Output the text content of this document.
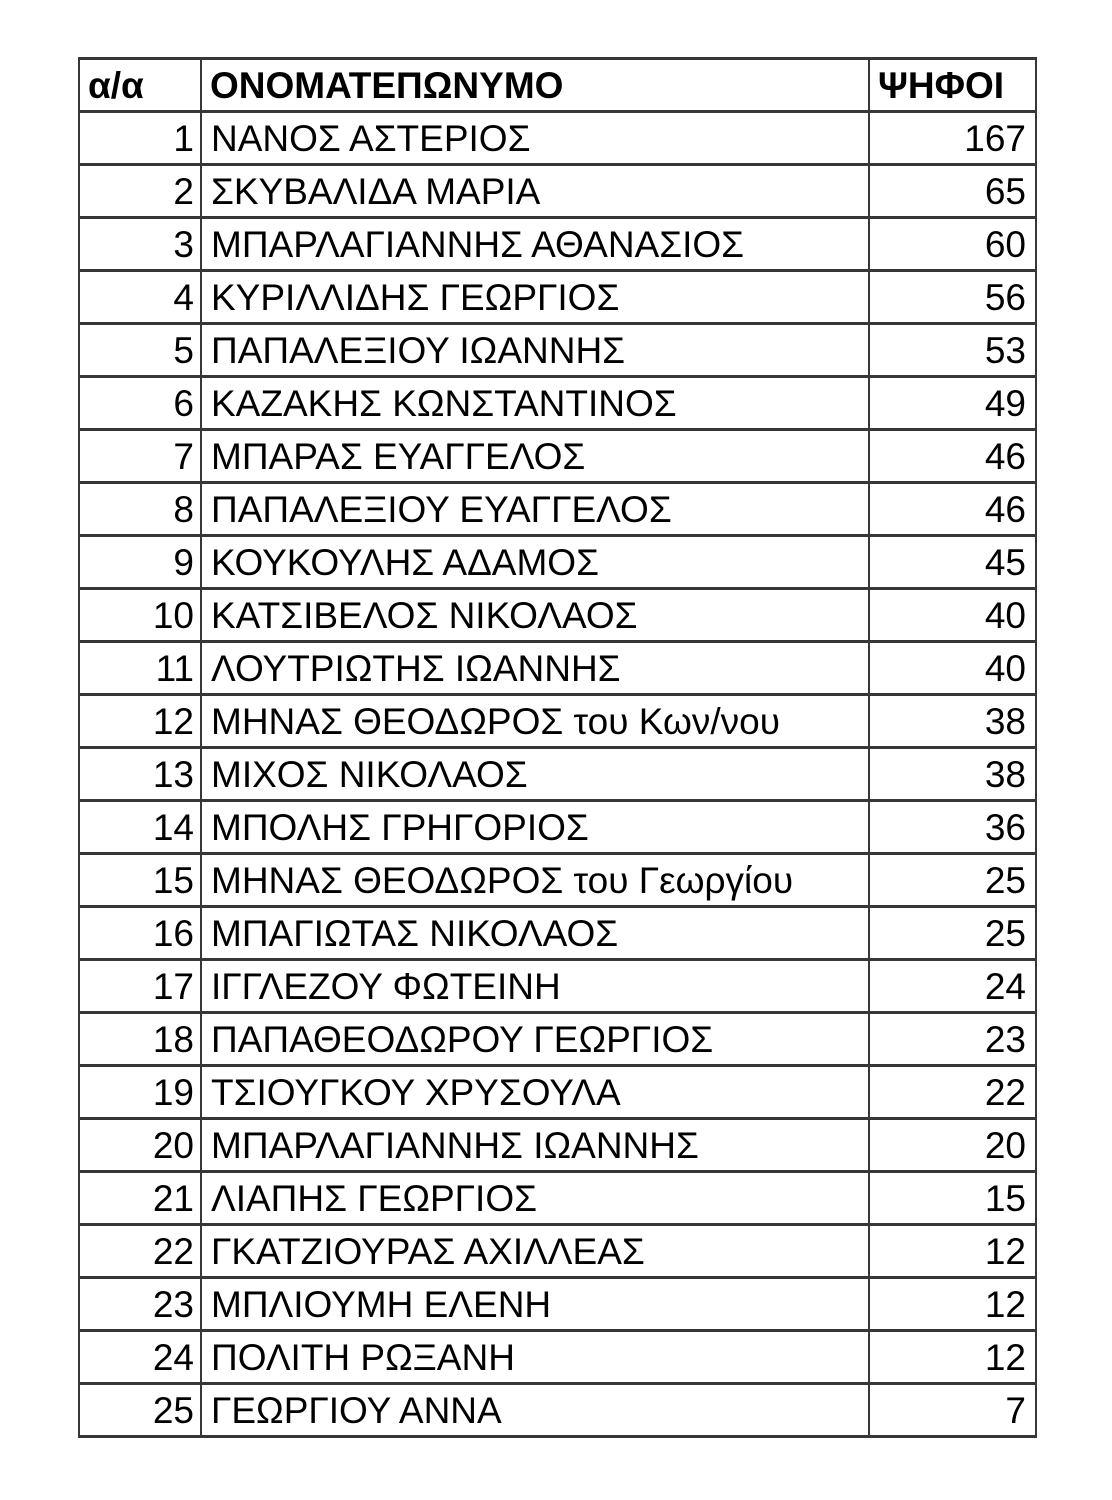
α/α	ΟΝΟΜΑΤΕΠΩΝΥΜΟ	ΨΗΦΟΙ
1	ΝΑΝΟΣ ΑΣΤΕΡΙΟΣ	167
2	ΣΚΥΒΑΛΙΔΑ ΜΑΡΙΑ	65
3	ΜΠΑΡΛΑΓΙΑΝΝΗΣ ΑΘΑΝΑΣΙΟΣ	60
4	ΚΥΡΙΛΛΙΔΗΣ ΓΕΩΡΓΙΟΣ	56
5	ΠΑΠΑΛΕΞΙΟΥ ΙΩΑΝΝΗΣ	53
6	ΚΑΖΑΚΗΣ ΚΩΝΣΤΑΝΤΙΝΟΣ	49
7	ΜΠΑΡΑΣ ΕΥΑΓΓΕΛΟΣ	46
8	ΠΑΠΑΛΕΞΙΟΥ ΕΥΑΓΓΕΛΟΣ	46
9	ΚΟΥΚΟΥΛΗΣ ΑΔΑΜΟΣ	45
10	ΚΑΤΣΙΒΕΛΟΣ ΝΙΚΟΛΑΟΣ	40
11	ΛΟΥΤΡΙΩΤΗΣ ΙΩΑΝΝΗΣ	40
12	ΜΗΝΑΣ ΘΕΟΔΩΡΟΣ του Κων/νου	38
13	ΜΙΧΟΣ ΝΙΚΟΛΑΟΣ	38
14	ΜΠΟΛΗΣ ΓΡΗΓΟΡΙΟΣ	36
15	ΜΗΝΑΣ ΘΕΟΔΩΡΟΣ του Γεωργίου	25
16	ΜΠΑΓΙΩΤΑΣ ΝΙΚΟΛΑΟΣ	25
17	ΙΓΓΛΕΖΟΥ ΦΩΤΕΙΝΗ	24
18	ΠΑΠΑΘΕΟΔΩΡΟΥ ΓΕΩΡΓΙΟΣ	23
19	ΤΣΙΟΥΓΚΟΥ ΧΡΥΣΟΥΛΑ	22
20	ΜΠΑΡΛΑΓΙΑΝΝΗΣ ΙΩΑΝΝΗΣ	20
21	ΛΙΑΠΗΣ ΓΕΩΡΓΙΟΣ	15
22	ΓΚΑΤΖΙΟΥΡΑΣ ΑΧΙΛΛΕΑΣ	12
23	ΜΠΛΙΟΥΜΗ ΕΛΕΝΗ	12
24	ΠΟΛΙΤΗ ΡΩΞΑΝΗ	12
25	ΓΕΩΡΓΙΟΥ ΑΝΝΑ	7
